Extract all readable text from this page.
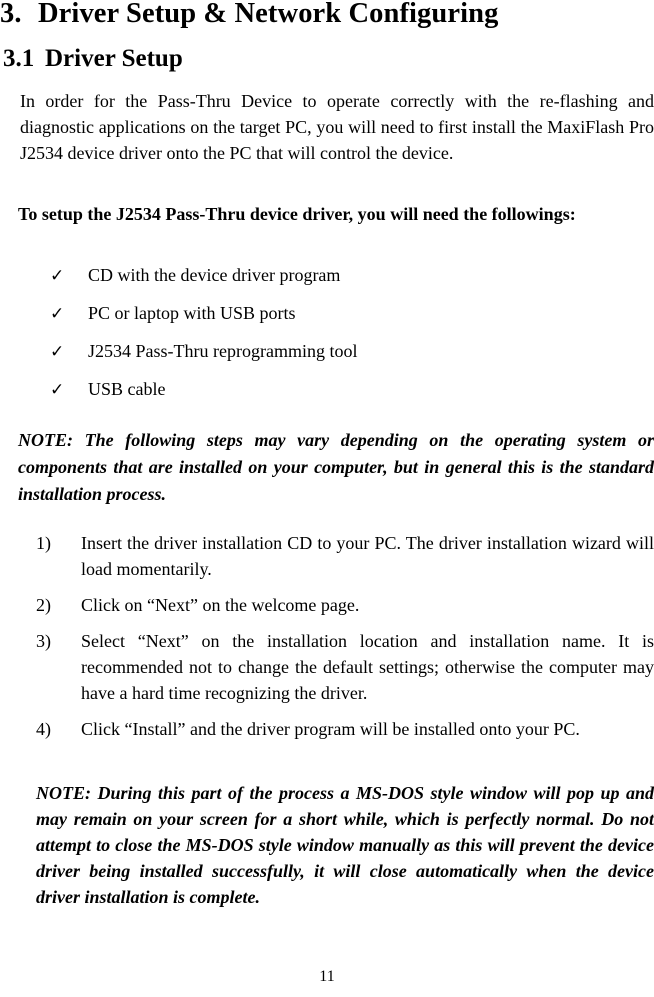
3. Driver Setup & Network Configuring
3.1 Driver Setup

In order for the Pass-Thru Device to operate correctly with the re-flashing and diagnostic applications on the target PC, you will need to first install the MaxiFlash Pro J2534 device driver onto the PC that will control the device.

To setup the J2534 Pass-Thru device driver, you will need the followings:

✓ CD with the device driver program
✓ PC or laptop with USB ports
✓ J2534 Pass-Thru reprogramming tool
✓ USB cable

NOTE: The following steps may vary depending on the operating system or components that are installed on your computer, but in general this is the standard installation process.

1) Insert the driver installation CD to your PC. The driver installation wizard will load momentarily.
2) Click on “Next” on the welcome page.
3) Select “Next” on the installation location and installation name. It is recommended not to change the default settings; otherwise the computer may have a hard time recognizing the driver.
4) Click “Install” and the driver program will be installed onto your PC.

NOTE: During this part of the process a MS-DOS style window will pop up and may remain on your screen for a short while, which is perfectly normal. Do not attempt to close the MS-DOS style window manually as this will prevent the device driver being installed successfully, it will close automatically when the device driver installation is complete.

11
